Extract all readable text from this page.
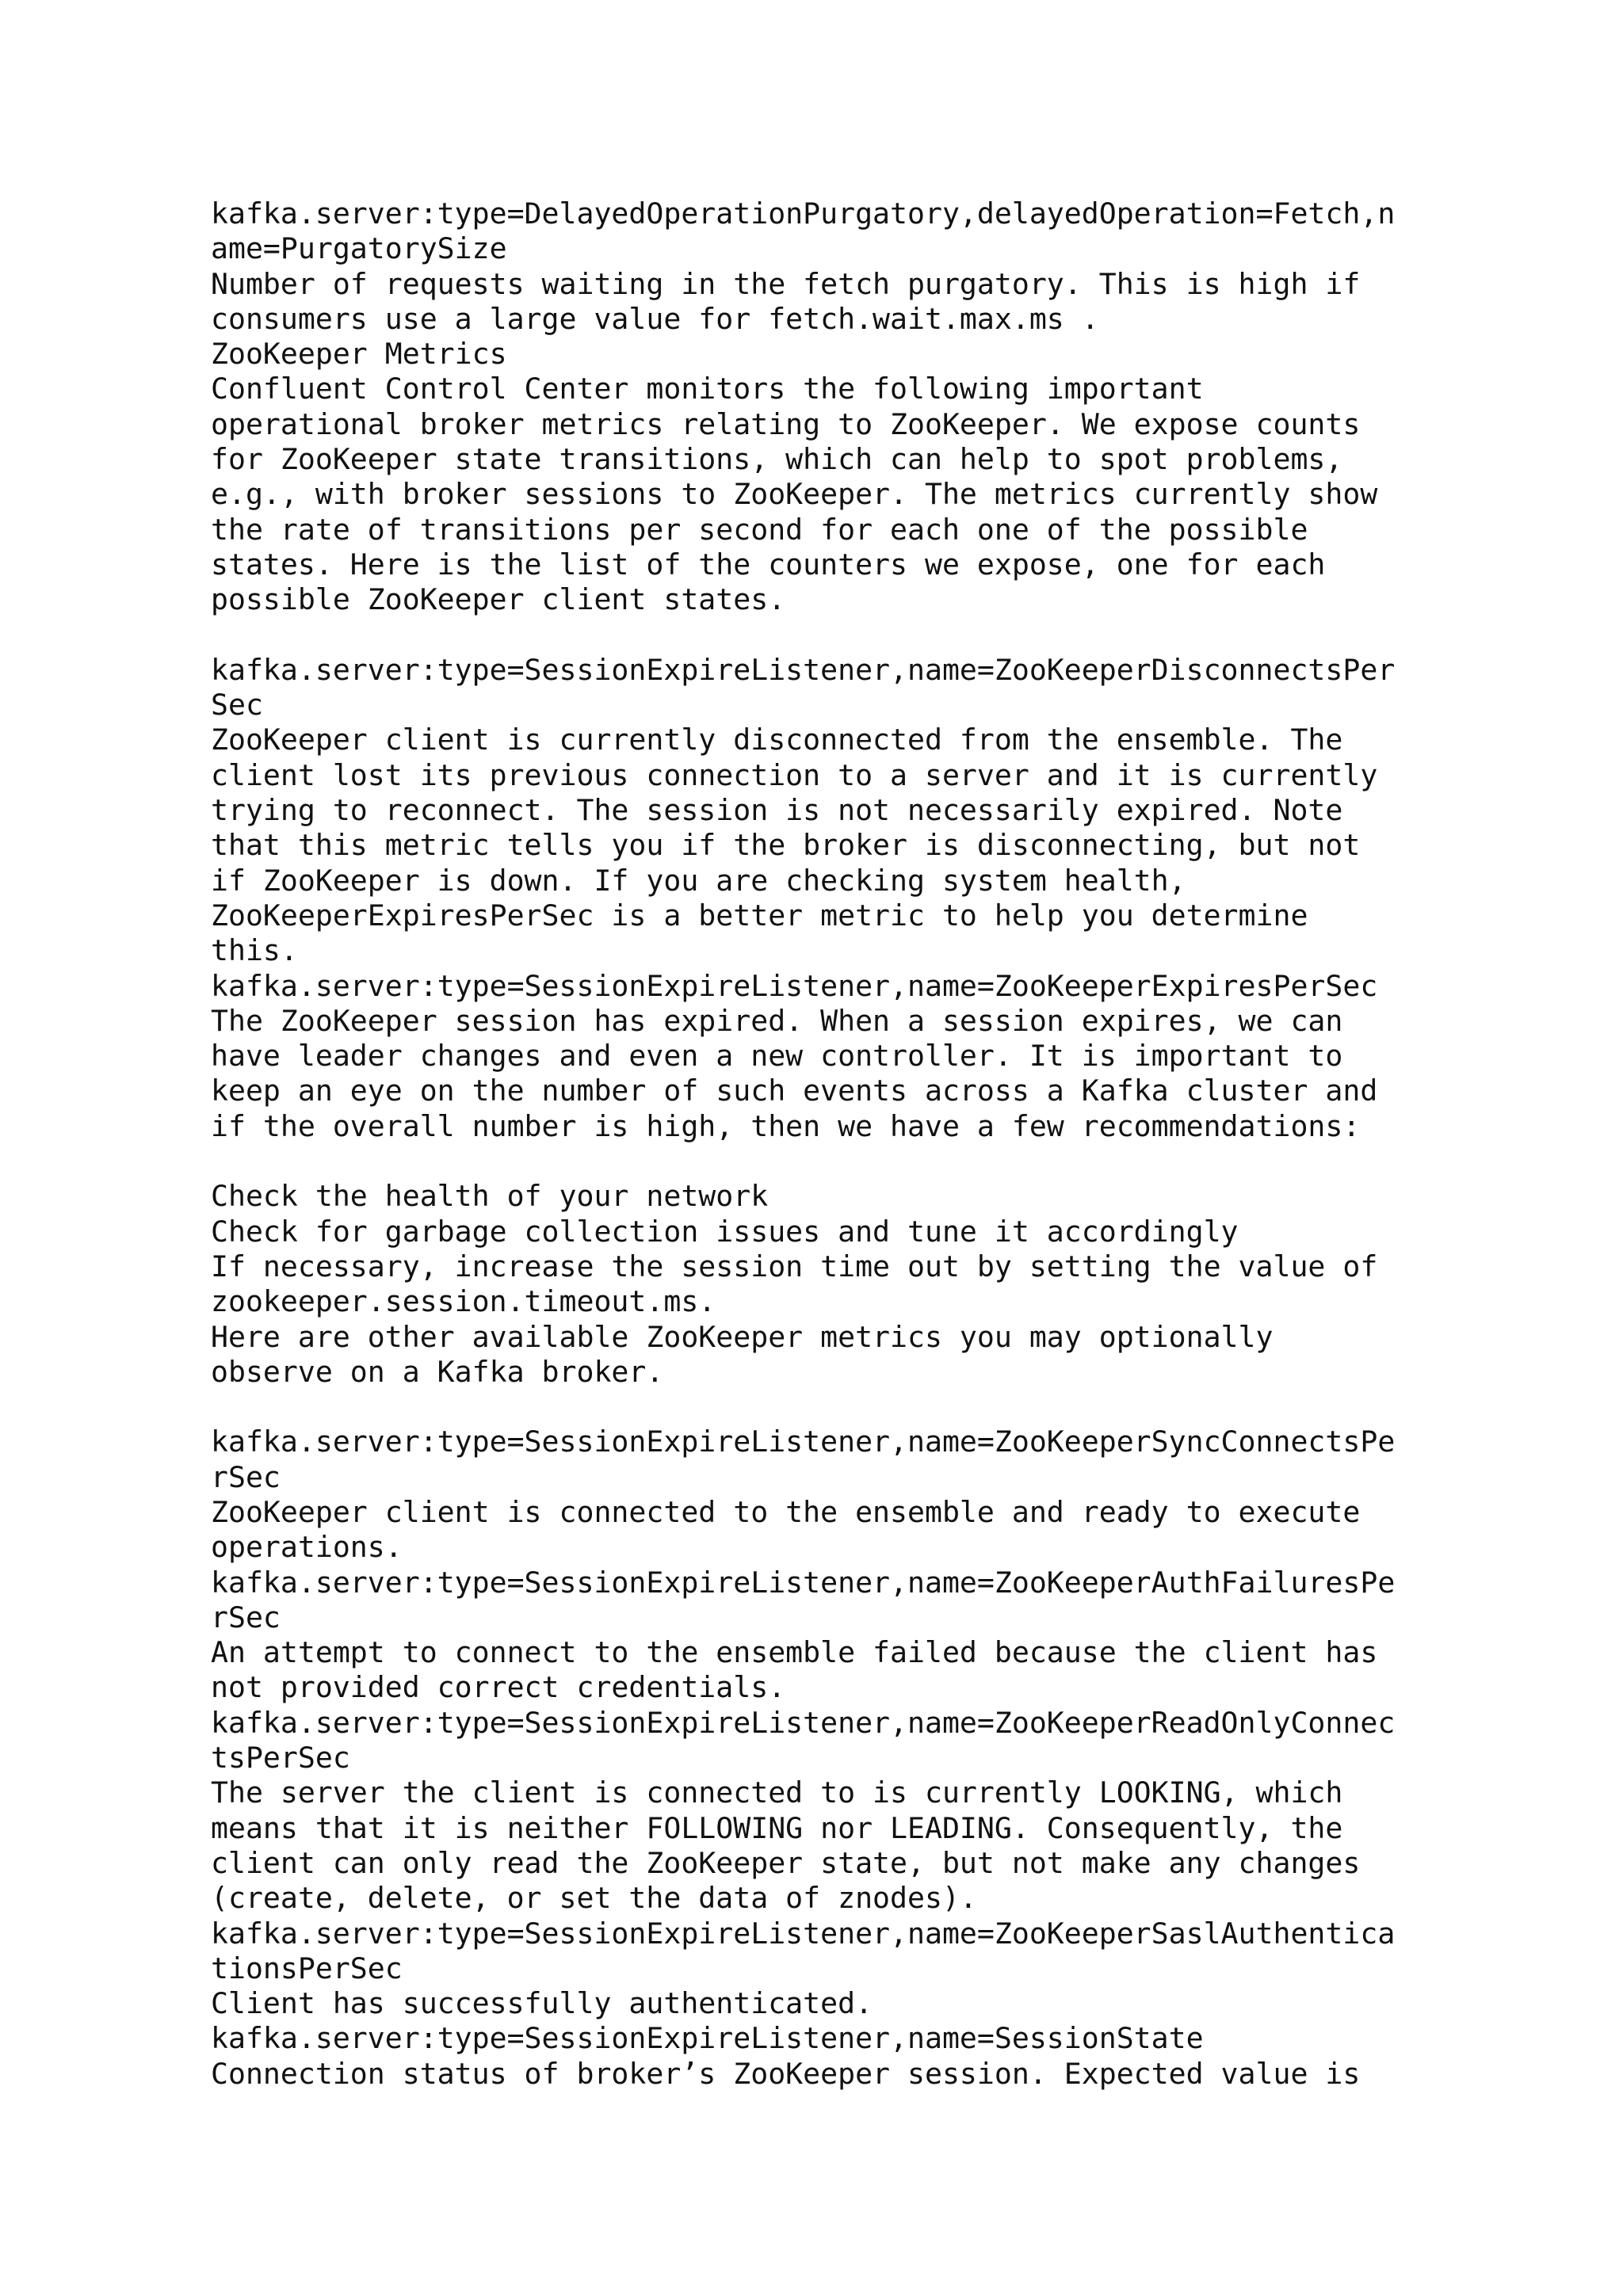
kafka.server:type=DelayedOperationPurgatory,delayedOperation=Fetch,n
ame=PurgatorySize
Number of requests waiting in the fetch purgatory. This is high if
consumers use a large value for fetch.wait.max.ms .
ZooKeeper Metrics
Confluent Control Center monitors the following important
operational broker metrics relating to ZooKeeper. We expose counts
for ZooKeeper state transitions, which can help to spot problems,
e.g., with broker sessions to ZooKeeper. The metrics currently show
the rate of transitions per second for each one of the possible
states. Here is the list of the counters we expose, one for each
possible ZooKeeper client states.
kafka.server:type=SessionExpireListener,name=ZooKeeperDisconnectsPer
Sec
ZooKeeper client is currently disconnected from the ensemble. The
client lost its previous connection to a server and it is currently
trying to reconnect. The session is not necessarily expired. Note
that this metric tells you if the broker is disconnecting, but not
if ZooKeeper is down. If you are checking system health,
ZooKeeperExpiresPerSec is a better metric to help you determine
this.
kafka.server:type=SessionExpireListener,name=ZooKeeperExpiresPerSec
The ZooKeeper session has expired. When a session expires, we can
have leader changes and even a new controller. It is important to
keep an eye on the number of such events across a Kafka cluster and
if the overall number is high, then we have a few recommendations:
Check the health of your network
Check for garbage collection issues and tune it accordingly
If necessary, increase the session time out by setting the value of
zookeeper.session.timeout.ms.
Here are other available ZooKeeper metrics you may optionally
observe on a Kafka broker.
kafka.server:type=SessionExpireListener,name=ZooKeeperSyncConnectsPe
rSec
ZooKeeper client is connected to the ensemble and ready to execute
operations.
kafka.server:type=SessionExpireListener,name=ZooKeeperAuthFailuresPe
rSec
An attempt to connect to the ensemble failed because the client has
not provided correct credentials.
kafka.server:type=SessionExpireListener,name=ZooKeeperReadOnlyConnec
tsPerSec
The server the client is connected to is currently LOOKING, which
means that it is neither FOLLOWING nor LEADING. Consequently, the
client can only read the ZooKeeper state, but not make any changes
(create, delete, or set the data of znodes).
kafka.server:type=SessionExpireListener,name=ZooKeeperSaslAuthentica
tionsPerSec
Client has successfully authenticated.
kafka.server:type=SessionExpireListener,name=SessionState
Connection status of broker’s ZooKeeper session. Expected value is
